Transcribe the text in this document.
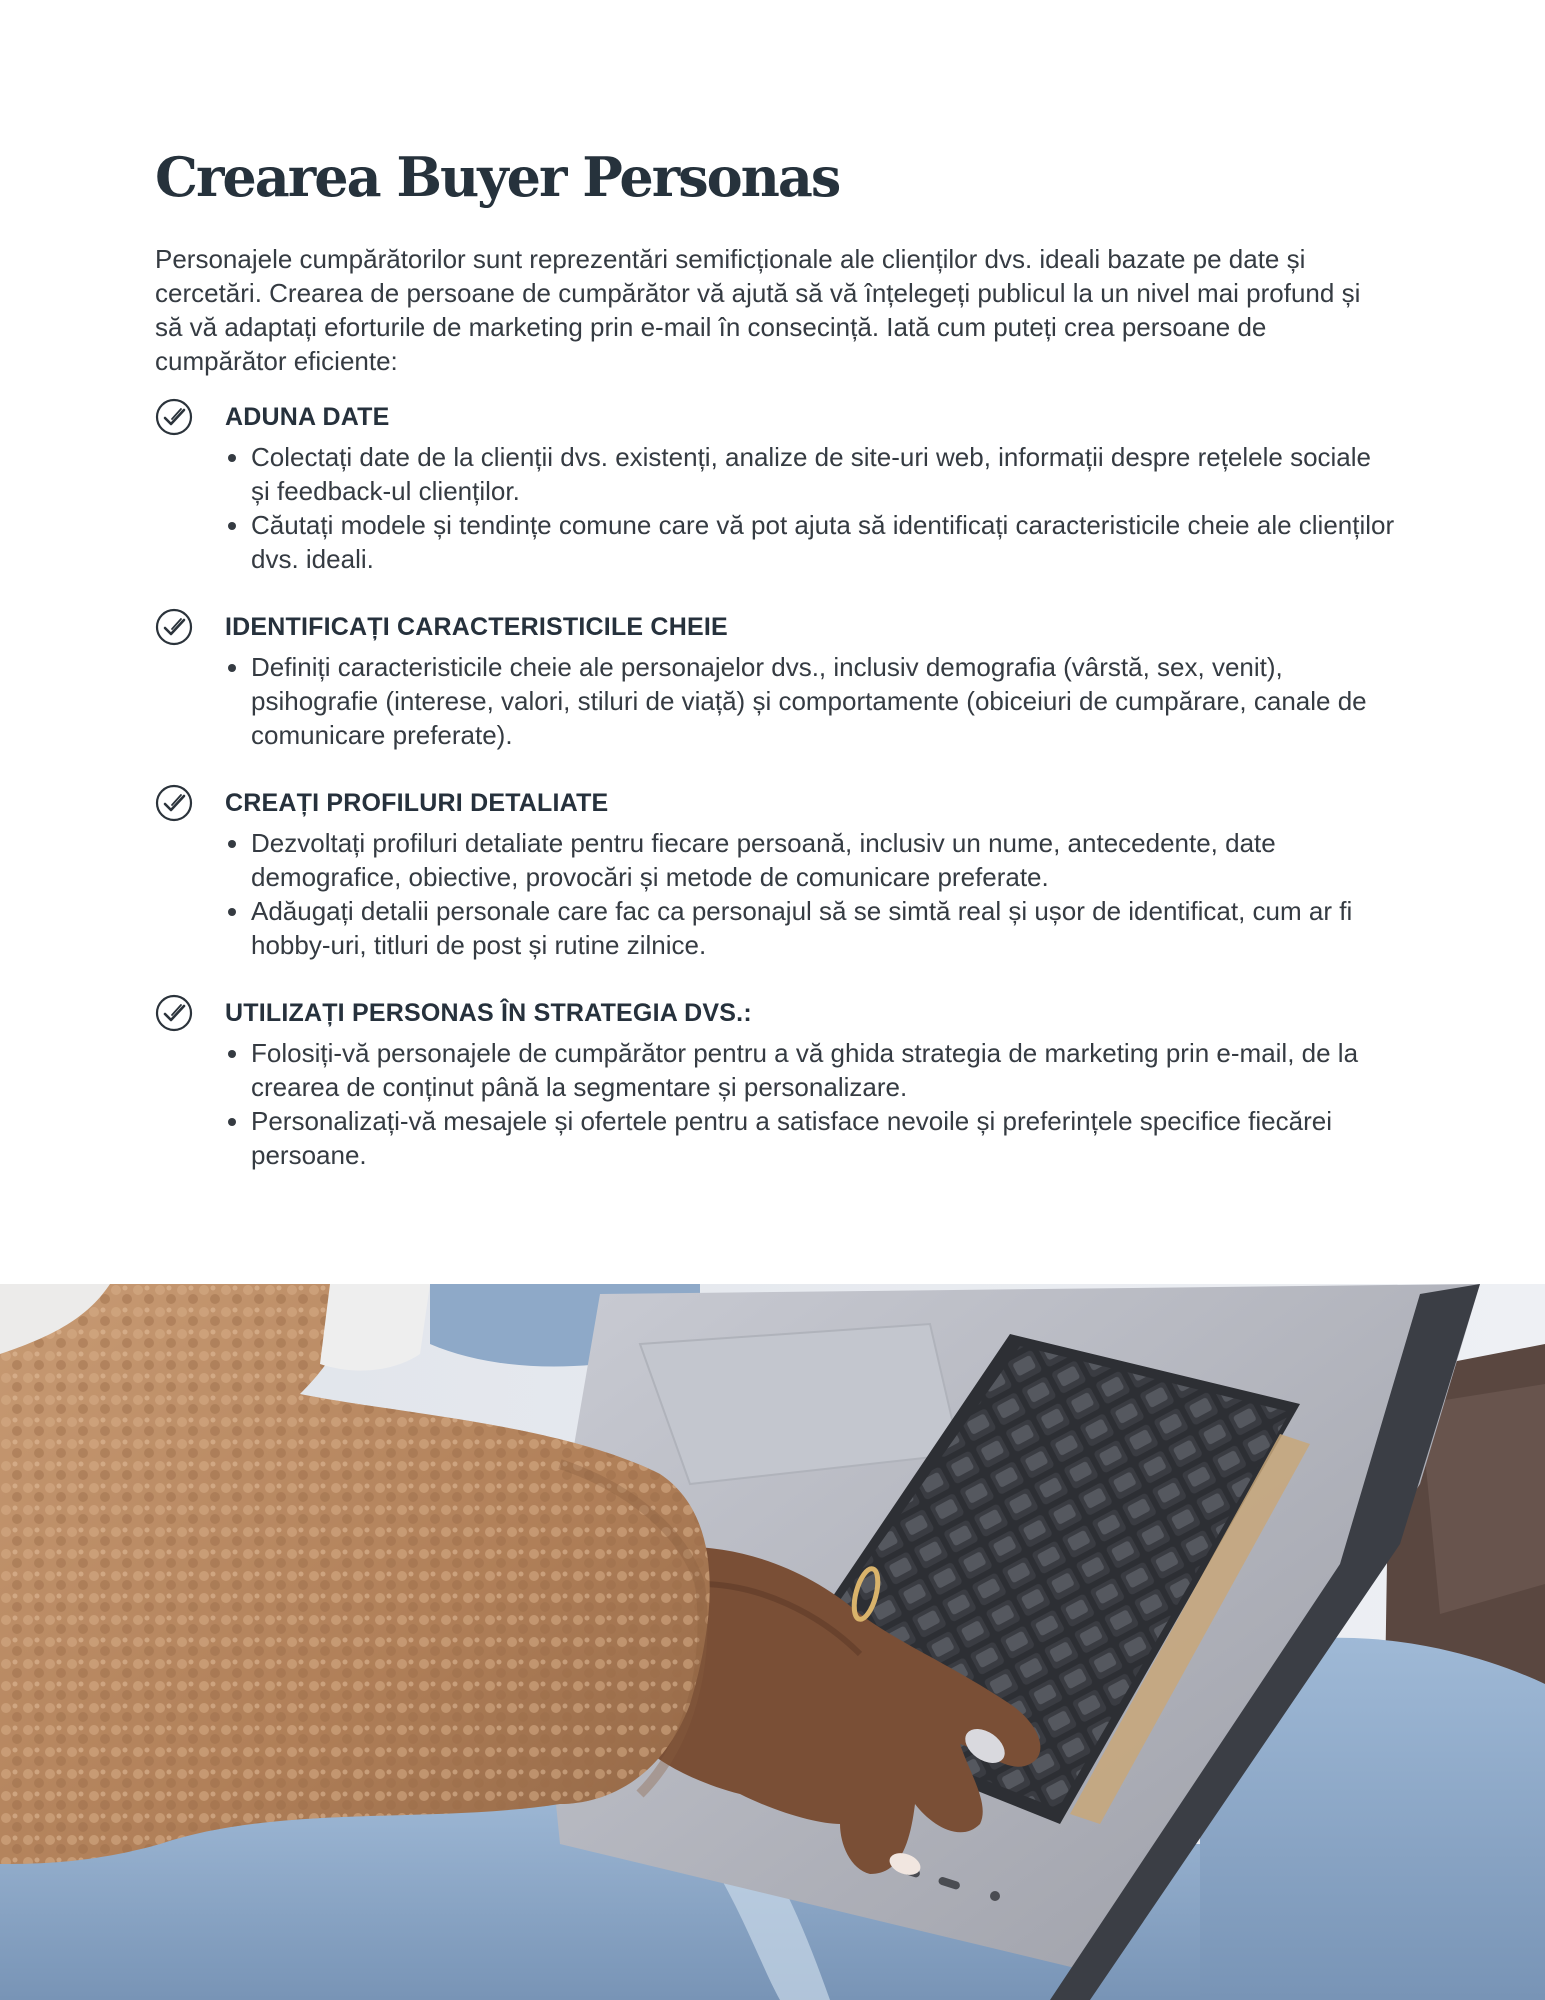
Crearea Buyer Personas

Personajele cumpărătorilor sunt reprezentări semificționale ale clienților dvs. ideali bazate pe date și cercetări. Crearea de persoane de cumpărător vă ajută să vă înțelegeți publicul la un nivel mai profund și să vă adaptați eforturile de marketing prin e-mail în consecință. Iată cum puteți crea persoane de cumpărător eficiente:

ADUNA DATE
• Colectați date de la clienții dvs. existenți, analize de site-uri web, informații despre rețelele sociale și feedback-ul clienților.
• Căutați modele și tendințe comune care vă pot ajuta să identificați caracteristicile cheie ale clienților dvs. ideali.
IDENTIFICAȚI CARACTERISTICILE CHEIE
• Definiți caracteristicile cheie ale personajelor dvs., inclusiv demografia (vârstă, sex, venit), psihografie (interese, valori, stiluri de viață) și comportamente (obiceiuri de cumpărare, canale de comunicare preferate).
CREAȚI PROFILURI DETALIATE
• Dezvoltați profiluri detaliate pentru fiecare persoană, inclusiv un nume, antecedente, date demografice, obiective, provocări și metode de comunicare preferate.
• Adăugați detalii personale care fac ca personajul să se simtă real și ușor de identificat, cum ar fi hobby-uri, titluri de post și rutine zilnice.
UTILIZAȚI PERSONAS ÎN STRATEGIA DVS.:
• Folosiți-vă personajele de cumpărător pentru a vă ghida strategia de marketing prin e-mail, de la crearea de conținut până la segmentare și personalizare.
• Personalizați-vă mesajele și ofertele pentru a satisface nevoile și preferințele specifice fiecărei persoane.
